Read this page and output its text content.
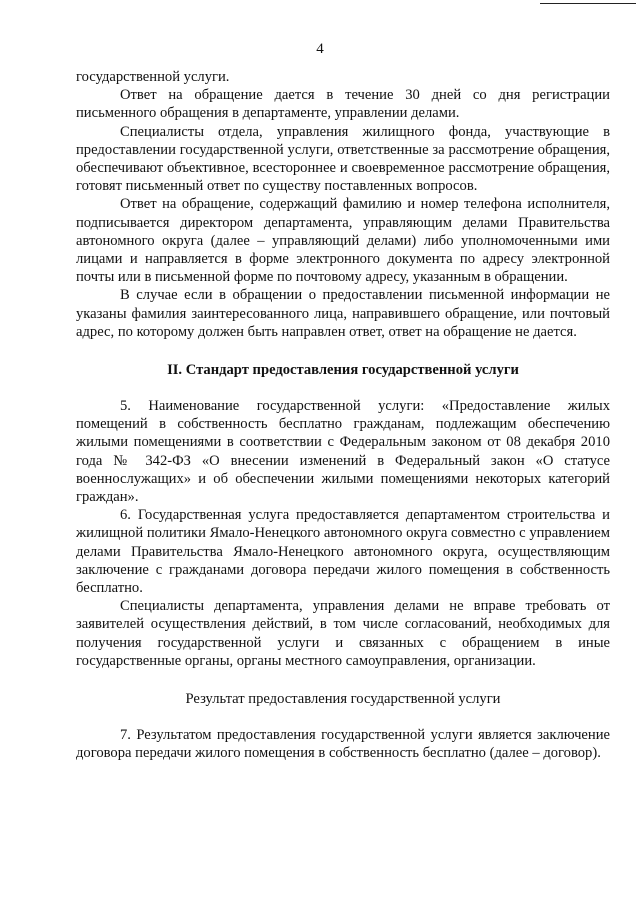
4

государственной услуги.

Ответ на обращение дается в течение 30 дней со дня регистрации письменного обращения в департаменте, управлении делами.

Специалисты отдела, управления жилищного фонда, участвующие в предоставлении государственной услуги, ответственные за рассмотрение обращения, обеспечивают объективное, всестороннее и своевременное рассмотрение обращения, готовят письменный ответ по существу поставленных вопросов.

Ответ на обращение, содержащий фамилию и номер телефона исполнителя, подписывается директором департамента, управляющим делами Правительства автономного округа (далее – управляющий делами) либо уполномоченными ими лицами и направляется в форме электронного документа по адресу электронной почты или в письменной форме по почтовому адресу, указанным в обращении.

В случае если в обращении о предоставлении письменной информации не указаны фамилия заинтересованного лица, направившего обращение, или почтовый адрес, по которому должен быть направлен ответ, ответ на обращение не дается.

II. Стандарт предоставления государственной услуги

5. Наименование государственной услуги: «Предоставление жилых помещений в собственность бесплатно гражданам, подлежащим обеспечению жилыми помещениями в соответствии с Федеральным законом от 08 декабря 2010 года № 342-ФЗ «О внесении изменений в Федеральный закон «О статусе военнослужащих» и об обеспечении жилыми помещениями некоторых категорий граждан».

6. Государственная услуга предоставляется департаментом строительства и жилищной политики Ямало-Ненецкого автономного округа совместно с управлением делами Правительства Ямало-Ненецкого автономного округа, осуществляющим заключение с гражданами договора передачи жилого помещения в собственность бесплатно.

Специалисты департамента, управления делами не вправе требовать от заявителей осуществления действий, в том числе согласований, необходимых для получения государственной услуги и связанных с обращением в иные государственные органы, органы местного самоуправления, организации.

Результат предоставления государственной услуги

7. Результатом предоставления государственной услуги является заключение договора передачи жилого помещения в собственность бесплатно (далее – договор).
